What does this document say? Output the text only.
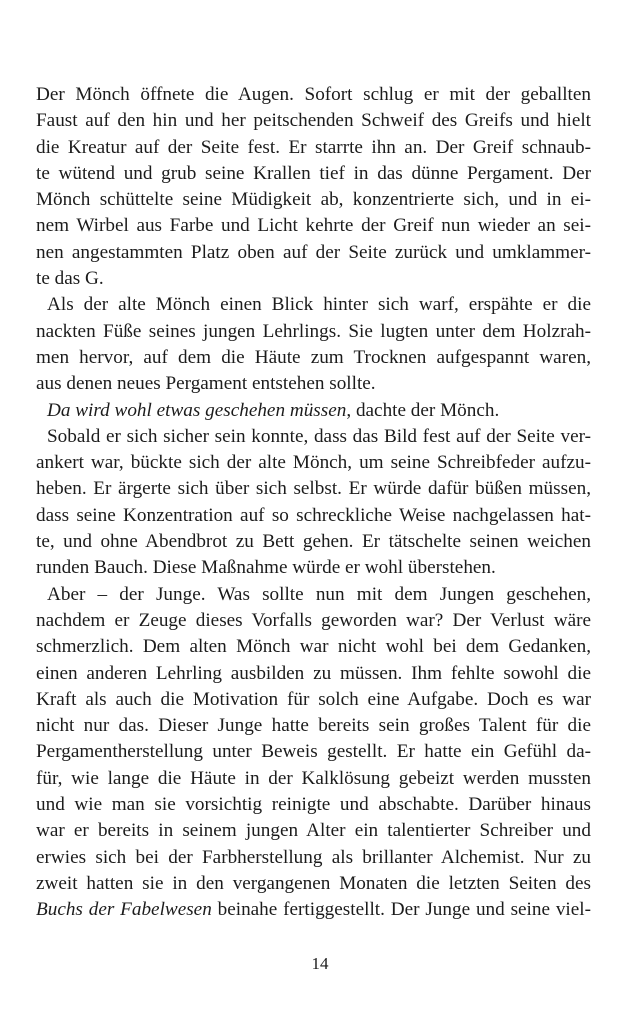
Der Mönch öffnete die Augen. Sofort schlug er mit der geballten
Faust auf den hin und her peitschenden Schweif des Greifs und hielt
die Kreatur auf der Seite fest. Er starrte ihn an. Der Greif schnaub-
te wütend und grub seine Krallen tief in das dünne Pergament. Der
Mönch schüttelte seine Müdigkeit ab, konzentrierte sich, und in ei-
nem Wirbel aus Farbe und Licht kehrte der Greif nun wieder an sei-
nen angestammten Platz oben auf der Seite zurück und umklammer-
te das G.
Als der alte Mönch einen Blick hinter sich warf, erspähte er die
nackten Füße seines jungen Lehrlings. Sie lugten unter dem Holzrah-
men hervor, auf dem die Häute zum Trocknen aufgespannt waren,
aus denen neues Pergament entstehen sollte.
Da wird wohl etwas geschehen müssen, dachte der Mönch.
Sobald er sich sicher sein konnte, dass das Bild fest auf der Seite ver-
ankert war, bückte sich der alte Mönch, um seine Schreibfeder aufzu-
heben. Er ärgerte sich über sich selbst. Er würde dafür büßen müssen,
dass seine Konzentration auf so schreckliche Weise nachgelassen hat-
te, und ohne Abendbrot zu Bett gehen. Er tätschelte seinen weichen
runden Bauch. Diese Maßnahme würde er wohl überstehen.
Aber – der Junge. Was sollte nun mit dem Jungen geschehen,
nachdem er Zeuge dieses Vorfalls geworden war? Der Verlust wäre
schmerzlich. Dem alten Mönch war nicht wohl bei dem Gedanken,
einen anderen Lehrling ausbilden zu müssen. Ihm fehlte sowohl die
Kraft als auch die Motivation für solch eine Aufgabe. Doch es war
nicht nur das. Dieser Junge hatte bereits sein großes Talent für die
Pergamentherstellung unter Beweis gestellt. Er hatte ein Gefühl da-
für, wie lange die Häute in der Kalklösung gebeizt werden mussten
und wie man sie vorsichtig reinigte und abschabte. Darüber hinaus
war er bereits in seinem jungen Alter ein talentierter Schreiber und
erwies sich bei der Farbherstellung als brillanter Alchemist. Nur zu
zweit hatten sie in den vergangenen Monaten die letzten Seiten des
Buchs der Fabelwesen beinahe fertiggestellt. Der Junge und seine viel-
14
